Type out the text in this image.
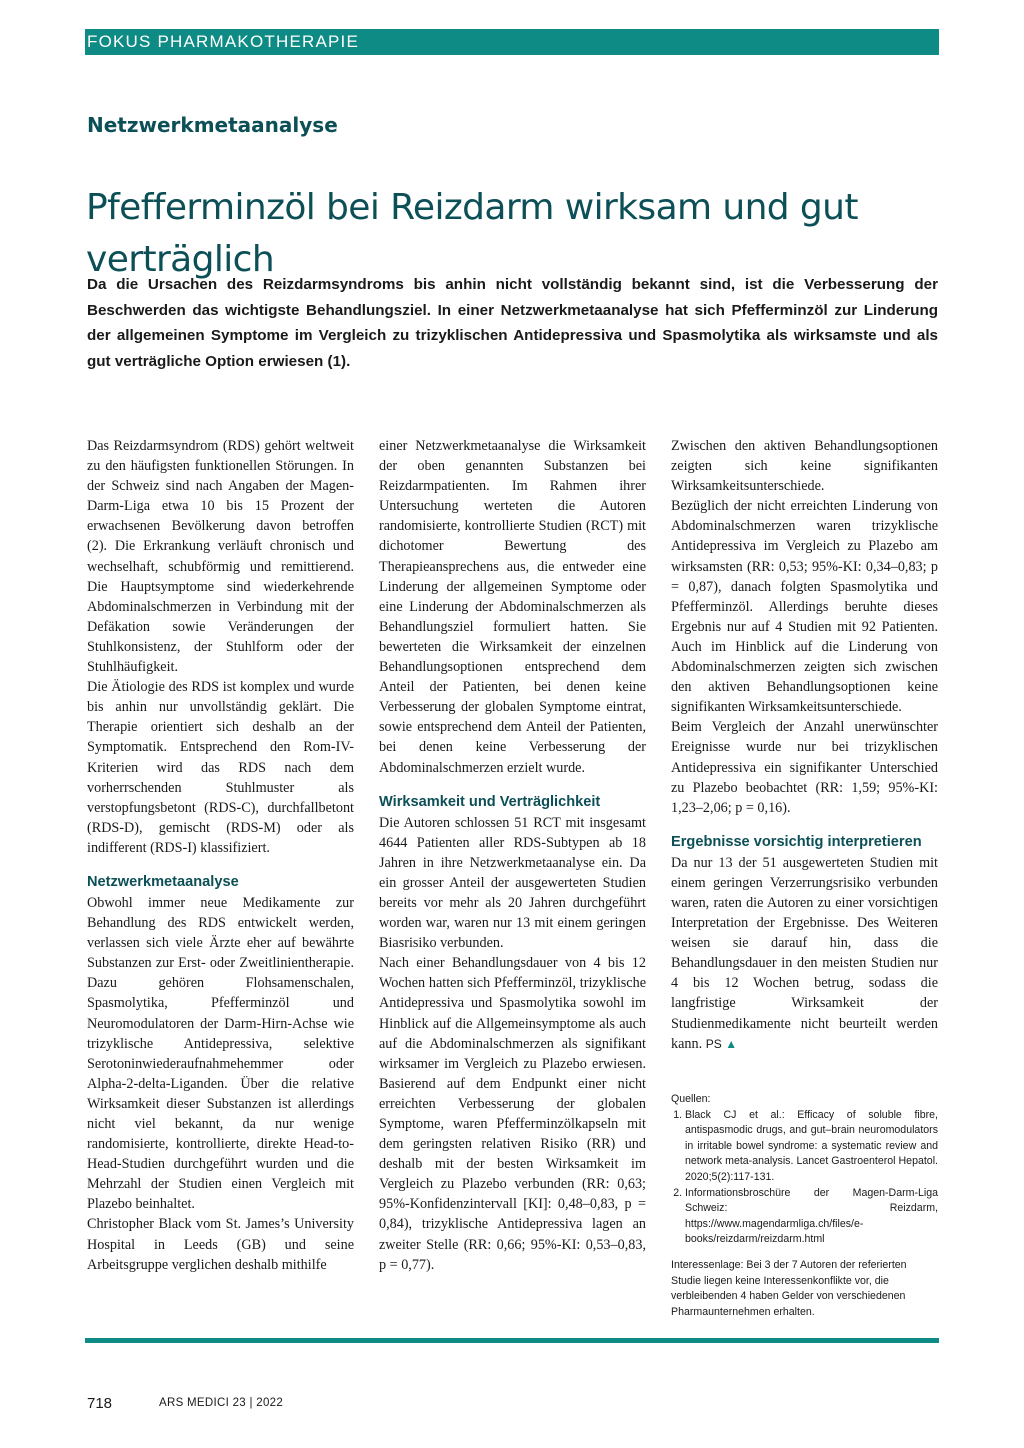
FOKUS PHARMAKOTHERAPIE
Netzwerkmetaanalyse
Pfefferminzöl bei Reizdarm wirksam und gut verträglich
Da die Ursachen des Reizdarmsyndroms bis anhin nicht vollständig bekannt sind, ist die Verbesserung der Beschwerden das wichtigste Behandlungsziel. In einer Netzwerkmetaanalyse hat sich Pfefferminzöl zur Linderung der allgemeinen Symptome im Vergleich zu trizyklischen Antidepressiva und Spasmolytika als wirksamste und als gut verträgliche Option erwiesen (1).

Das Reizdarmsyndrom (RDS) gehört weltweit zu den häufigsten funktionellen Störungen. In der Schweiz sind nach Angaben der Magen-Darm-Liga etwa 10 bis 15 Prozent der erwachsenen Bevölkerung davon betroffen (2). Die Erkrankung verläuft chronisch und wechselhaft, schubförmig und remittierend. Die Hauptsymptome sind wiederkehrende Abdominalschmerzen in Verbindung mit der Defäkation sowie Veränderungen der Stuhlkonsistenz, der Stuhlform oder der Stuhlhäufigkeit.

Die Ätiologie des RDS ist komplex und wurde bis anhin nur unvollständig geklärt. Die Therapie orientiert sich deshalb an der Symptomatik. Entsprechend den Rom-IV-Kriterien wird das RDS nach dem vorherrschenden Stuhlmuster als verstopfungsbetont (RDS-C), durchfallbetont (RDS-D), gemischt (RDS-M) oder als indifferent (RDS-I) klassifiziert.

Netzwerkmetaanalyse

Obwohl immer neue Medikamente zur Behandlung des RDS entwickelt werden, verlassen sich viele Ärzte eher auf bewährte Substanzen zur Erst- oder Zweitlinientherapie. Dazu gehören Flohsamenschalen, Spasmolytika, Pfefferminzöl und Neuromodulatoren der Darm-Hirn-Achse wie trizyklische Antidepressiva, selektive Serotoninwiederaufnahmehemmer oder Alpha-2-delta-Liganden. Über die relative Wirksamkeit dieser Substanzen ist allerdings nicht viel bekannt, da nur wenige randomisierte, kontrollierte, direkte Head-to-Head-Studien durchgeführt wurden und die Mehrzahl der Studien einen Vergleich mit Plazebo beinhaltet.

Christopher Black vom St. James’s University Hospital in Leeds (GB) und seine Arbeitsgruppe verglichen deshalb mithilfe

einer Netzwerkmetaanalyse die Wirksamkeit der oben genannten Substanzen bei Reizdarmpatienten. Im Rahmen ihrer Untersuchung werteten die Autoren randomisierte, kontrollierte Studien (RCT) mit dichotomer Bewertung des Therapieansprechens aus, die entweder eine Linderung der allgemeinen Symptome oder eine Linderung der Abdominalschmerzen als Behandlungsziel formuliert hatten. Sie bewerteten die Wirksamkeit der einzelnen Behandlungsoptionen entsprechend dem Anteil der Patienten, bei denen keine Verbesserung der globalen Symptome eintrat, sowie entsprechend dem Anteil der Patienten, bei denen keine Verbesserung der Abdominalschmerzen erzielt wurde.

Wirksamkeit und Verträglichkeit

Die Autoren schlossen 51 RCT mit insgesamt 4644 Patienten aller RDS-Subtypen ab 18 Jahren in ihre Netzwerkmetaanalyse ein. Da ein grosser Anteil der ausgewerteten Studien bereits vor mehr als 20 Jahren durchgeführt worden war, waren nur 13 mit einem geringen Biasrisiko verbunden.

Nach einer Behandlungsdauer von 4 bis 12 Wochen hatten sich Pfefferminzöl, trizyklische Antidepressiva und Spasmolytika sowohl im Hinblick auf die Allgemeinsymptome als auch auf die Abdominalschmerzen als signifikant wirksamer im Vergleich zu Plazebo erwiesen. Basierend auf dem Endpunkt einer nicht erreichten Verbesserung der globalen Symptome, waren Pfefferminzölkapseln mit dem geringsten relativen Risiko (RR) und deshalb mit der besten Wirksamkeit im Vergleich zu Plazebo verbunden (RR: 0,63; 95%-Konfidenzintervall [KI]: 0,48–0,83, p = 0,84), trizyklische Antidepressiva lagen an zweiter Stelle (RR: 0,66; 95%-KI: 0,53–0,83, p = 0,77).

Zwischen den aktiven Behandlungsoptionen zeigten sich keine signifikanten Wirksamkeitsunterschiede.

Bezüglich der nicht erreichten Linderung von Abdominalschmerzen waren trizyklische Antidepressiva im Vergleich zu Plazebo am wirksamsten (RR: 0,53; 95%-KI: 0,34–0,83; p = 0,87), danach folgten Spasmolytika und Pfefferminzöl. Allerdings beruhte dieses Ergebnis nur auf 4 Studien mit 92 Patienten. Auch im Hinblick auf die Linderung von Abdominalschmerzen zeigten sich zwischen den aktiven Behandlungsoptionen keine signifikanten Wirksamkeitsunterschiede.

Beim Vergleich der Anzahl unerwünschter Ereignisse wurde nur bei trizyklischen Antidepressiva ein signifikanter Unterschied zu Plazebo beobachtet (RR: 1,59; 95%-KI: 1,23–2,06; p = 0,16).

Ergebnisse vorsichtig interpretieren

Da nur 13 der 51 ausgewerteten Studien mit einem geringen Verzerrungsrisiko verbunden waren, raten die Autoren zu einer vorsichtigen Interpretation der Ergebnisse. Des Weiteren weisen sie darauf hin, dass die Behandlungsdauer in den meisten Studien nur 4 bis 12 Wochen betrug, sodass die langfristige Wirksamkeit der Studienmedikamente nicht beurteilt werden kann. PS ▲

Quellen:
1. Black CJ et al.: Efficacy of soluble fibre, antispasmodic drugs, and gut–brain neuromodulators in irritable bowel syndrome: a systematic review and network meta-analysis. Lancet Gastroenterol Hepatol. 2020;5(2):117-131.
2. Informationsbroschüre der Magen-Darm-Liga Schweiz: Reizdarm, https://www.magendarmliga.ch/files/e-books/reizdarm/reizdarm.html
Interessenlage: Bei 3 der 7 Autoren der referierten Studie liegen keine Interessenkonflikte vor, die verbleibenden 4 haben Gelder von verschiedenen Pharmaunternehmen erhalten.
718	ARS MEDICI 23 | 2022
